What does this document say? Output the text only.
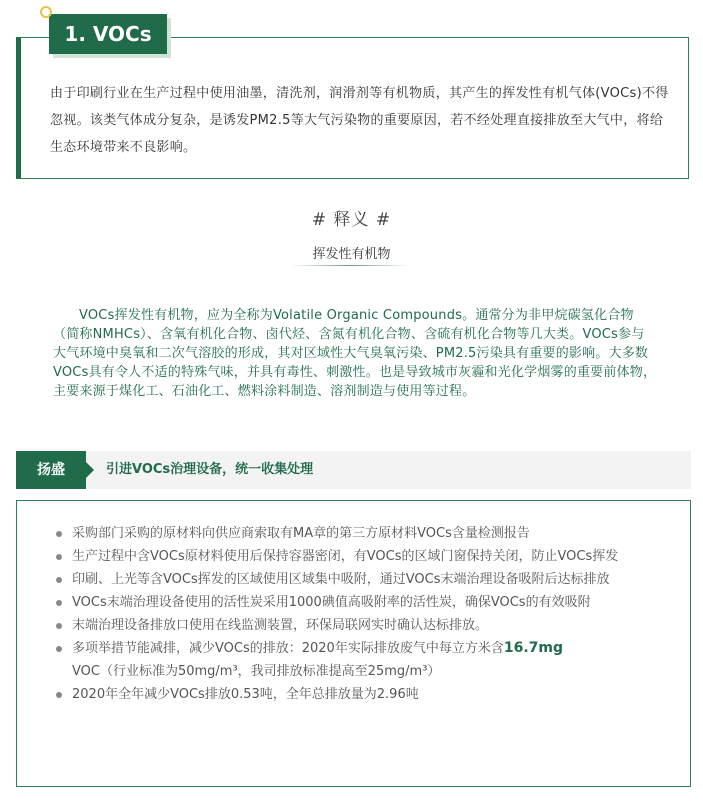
1. VOCs
由于印刷行业在生产过程中使用油墨，清洗剂，润滑剂等有机物质，其产生的挥发性有机气体(VOCs)不得忽视。该类气体成分复杂，是诱发PM2.5等大气污染物的重要原因，若不经处理直接排放至大气中，将给生态环境带来不良影响。
# 释义 #
挥发性有机物
VOCs挥发性有机物，应为全称为Volatile Organic Compounds。通常分为非甲烷碳氢化合物（简称NMHCs）、含氧有机化合物、卤代烃、含氮有机化合物、含硫有机化合物等几大类。VOCs参与大气环境中臭氧和二次气溶胶的形成，其对区域性大气臭氧污染、PM2.5污染具有重要的影响。大多数VOCs具有令人不适的特殊气味，并具有毒性、刺激性。也是导致城市灰霾和光化学烟雾的重要前体物，主要来源于煤化工、石油化工、燃料涂料制造、溶剂制造与使用等过程。
扬盛	引进VOCs治理设备，统一收集处理
采购部门采购的原材料向供应商索取有MA章的第三方原材料VOCs含量检测报告
生产过程中含VOCs原材料使用后保持容器密闭，有VOCs的区域门窗保持关闭，防止VOCs挥发
印刷、上光等含VOCs挥发的区域使用区域集中吸附，通过VOCs末端治理设备吸附后达标排放
VOCs末端治理设备使用的活性炭采用1000碘值高吸附率的活性炭，确保VOCs的有效吸附
末端治理设备排放口使用在线监测装置，环保局联网实时确认达标排放。
多项举措节能减排，减少VOCs的排放：2020年实际排放废气中每立方米含16.7mg
VOC（行业标准为50mg/m³，我司排放标准提高至25mg/m³）
2020年全年减少VOCs排放0.53吨，全年总排放量为2.96吨
